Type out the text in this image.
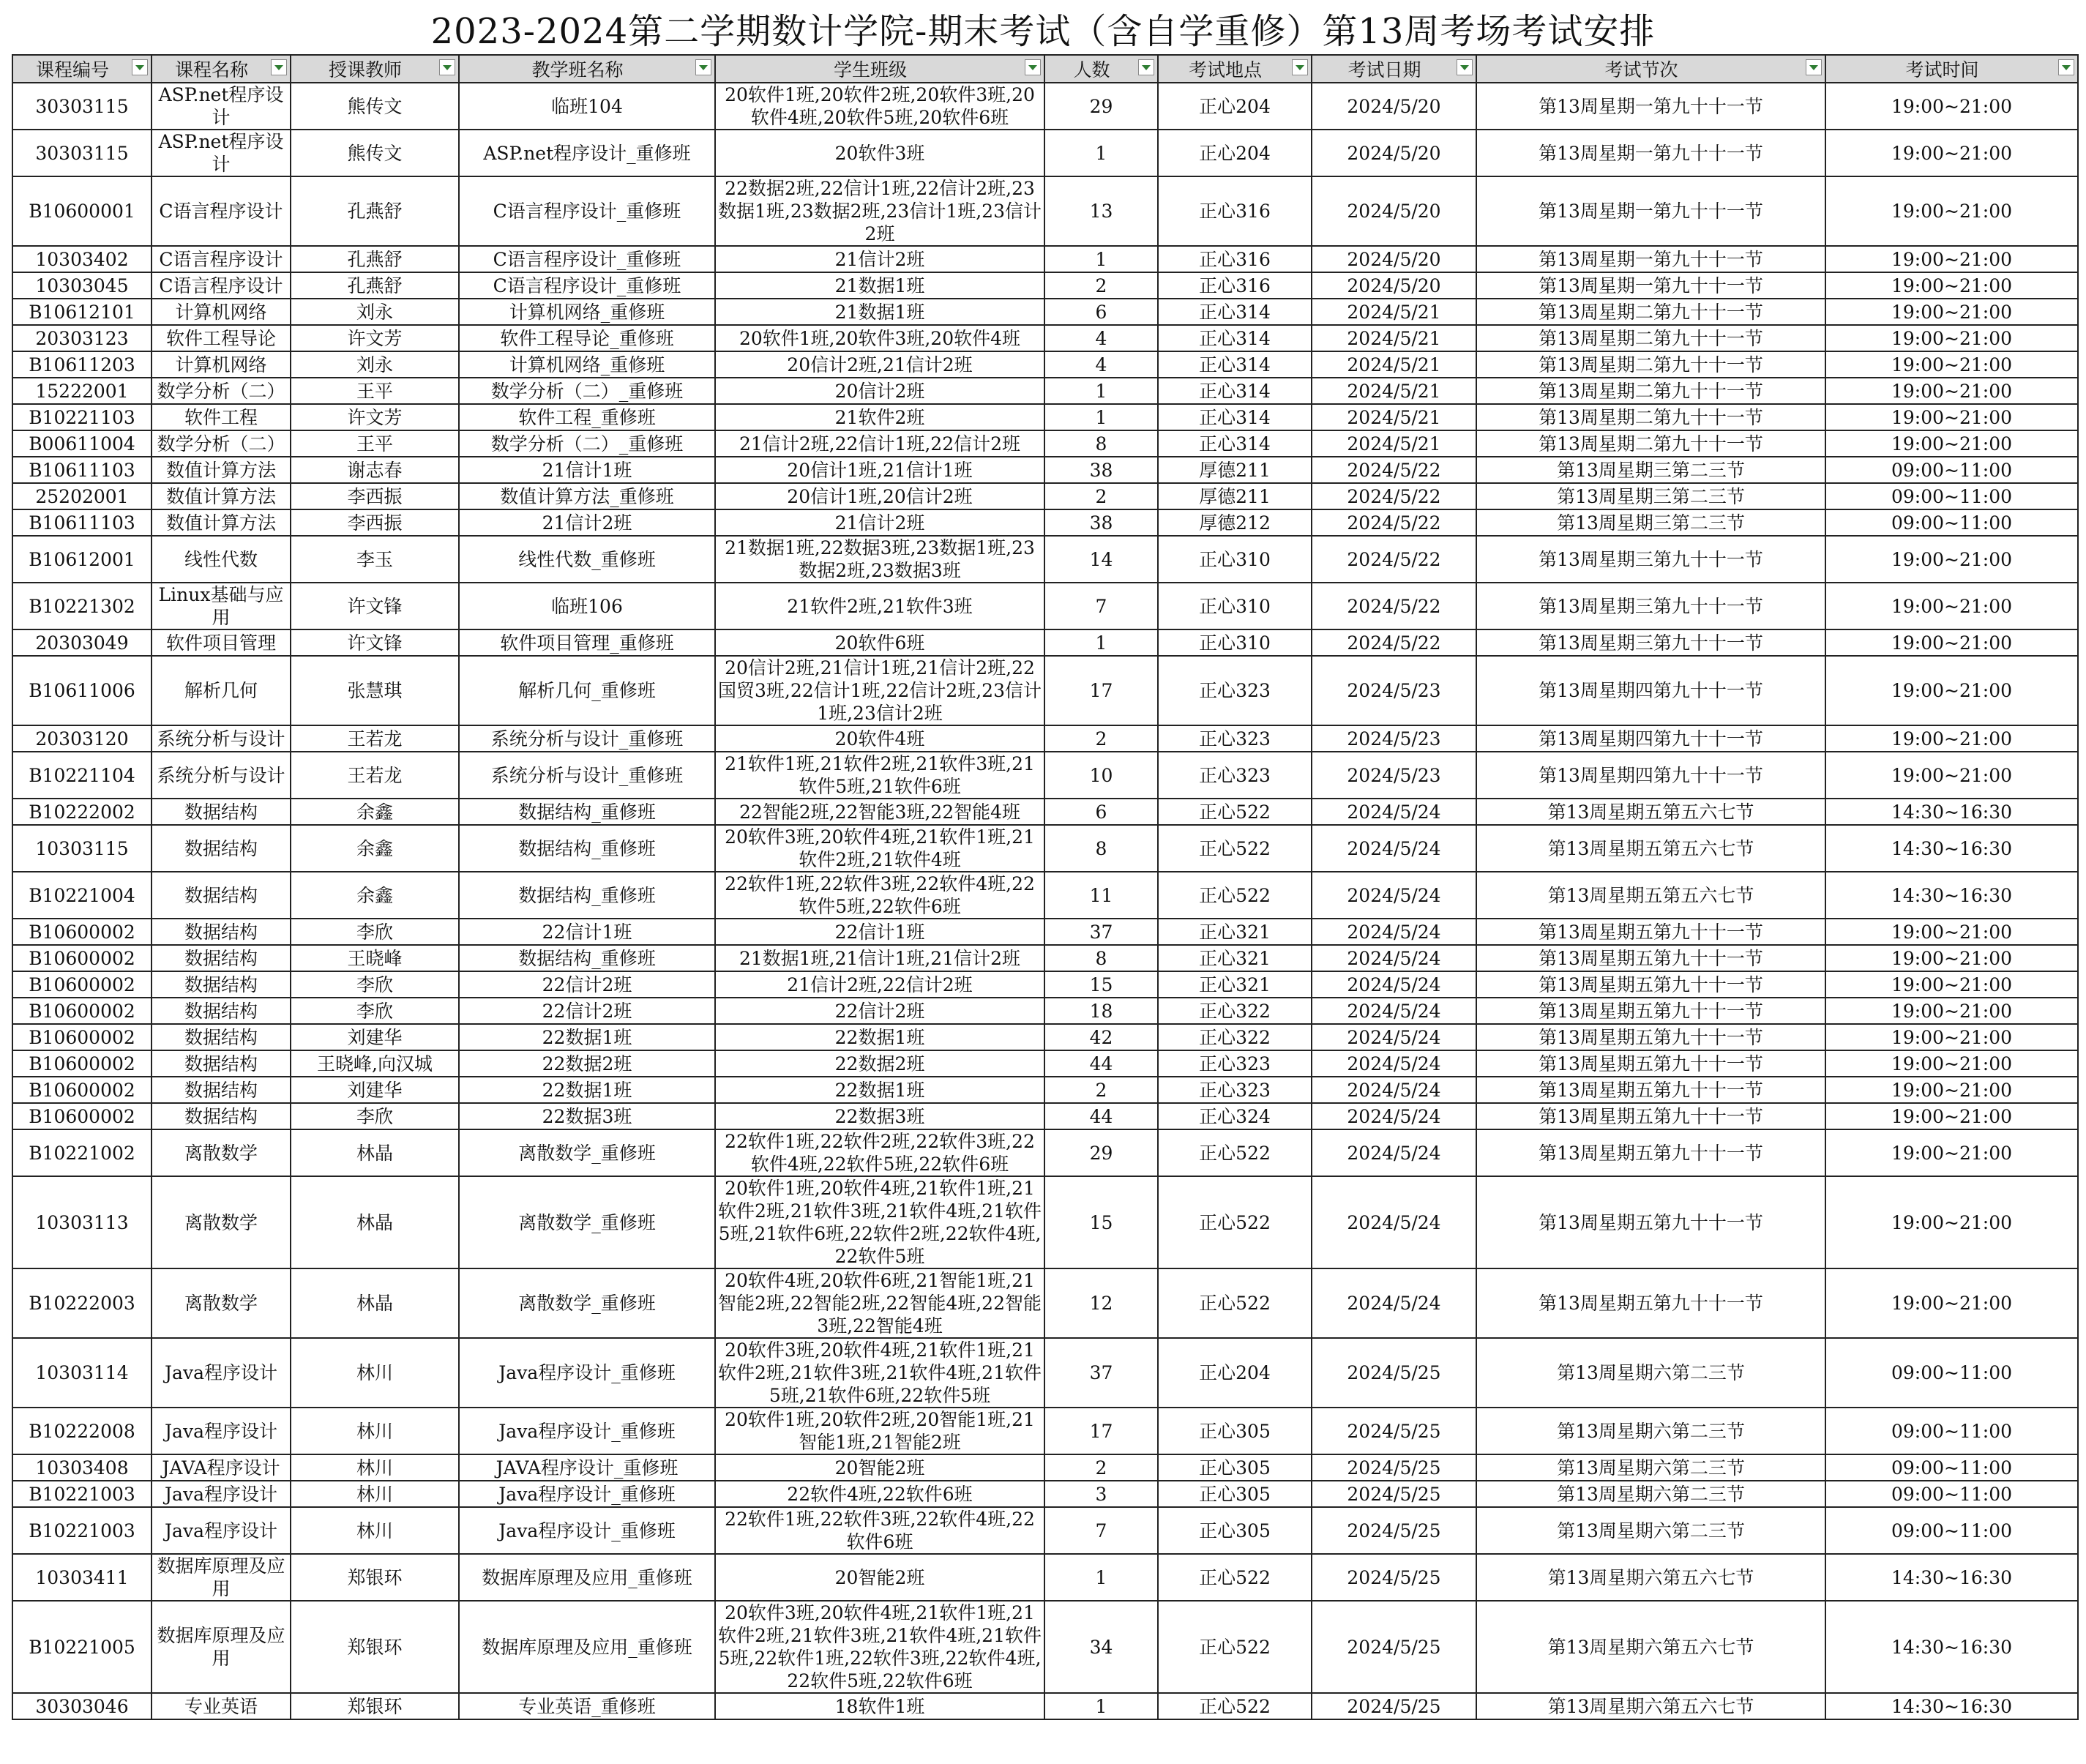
2023-2024第二学期数计学院-期末考试（含自学重修）第13周考场考试安排
课程编号	课程名称	授课教师	教学班名称	学生班级	人数	考试地点	考试日期	考试节次	考试时间

30303115	ASP.net程序设计	熊传文	临班104	20软件1班,20软件2班,20软件3班,20软件4班,20软件5班,20软件6班	29	正心204	2024/5/20	第13周星期一第九十十一节	19:00~21:00
30303115	ASP.net程序设计	熊传文	ASP.net程序设计_重修班	20软件3班	1	正心204	2024/5/20	第13周星期一第九十十一节	19:00~21:00
B10600001	C语言程序设计	孔燕舒	C语言程序设计_重修班	22数据2班,22信计1班,22信计2班,23数据1班,23数据2班,23信计1班,23信计2班	13	正心316	2024/5/20	第13周星期一第九十十一节	19:00~21:00
10303402	C语言程序设计	孔燕舒	C语言程序设计_重修班	21信计2班	1	正心316	2024/5/20	第13周星期一第九十十一节	19:00~21:00
10303045	C语言程序设计	孔燕舒	C语言程序设计_重修班	21数据1班	2	正心316	2024/5/20	第13周星期一第九十十一节	19:00~21:00
B10612101	计算机网络	刘永	计算机网络_重修班	21数据1班	6	正心314	2024/5/21	第13周星期二第九十十一节	19:00~21:00
20303123	软件工程导论	许文芳	软件工程导论_重修班	20软件1班,20软件3班,20软件4班	4	正心314	2024/5/21	第13周星期二第九十十一节	19:00~21:00
B10611203	计算机网络	刘永	计算机网络_重修班	20信计2班,21信计2班	4	正心314	2024/5/21	第13周星期二第九十十一节	19:00~21:00
15222001	数学分析（二）	王平	数学分析（二）_重修班	20信计2班	1	正心314	2024/5/21	第13周星期二第九十十一节	19:00~21:00
B10221103	软件工程	许文芳	软件工程_重修班	21软件2班	1	正心314	2024/5/21	第13周星期二第九十十一节	19:00~21:00
B00611004	数学分析（二）	王平	数学分析（二）_重修班	21信计2班,22信计1班,22信计2班	8	正心314	2024/5/21	第13周星期二第九十十一节	19:00~21:00
B10611103	数值计算方法	谢志春	21信计1班	20信计1班,21信计1班	38	厚德211	2024/5/22	第13周星期三第二三节	09:00~11:00
25202001	数值计算方法	李西振	数值计算方法_重修班	20信计1班,20信计2班	2	厚德211	2024/5/22	第13周星期三第二三节	09:00~11:00
B10611103	数值计算方法	李西振	21信计2班	21信计2班	38	厚德212	2024/5/22	第13周星期三第二三节	09:00~11:00
B10612001	线性代数	李玉	线性代数_重修班	21数据1班,22数据3班,23数据1班,23数据2班,23数据3班	14	正心310	2024/5/22	第13周星期三第九十十一节	19:00~21:00
B10221302	Linux基础与应用	许文锋	临班106	21软件2班,21软件3班	7	正心310	2024/5/22	第13周星期三第九十十一节	19:00~21:00
20303049	软件项目管理	许文锋	软件项目管理_重修班	20软件6班	1	正心310	2024/5/22	第13周星期三第九十十一节	19:00~21:00
B10611006	解析几何	张慧琪	解析几何_重修班	20信计2班,21信计1班,21信计2班,22国贸3班,22信计1班,22信计2班,23信计1班,23信计2班	17	正心323	2024/5/23	第13周星期四第九十十一节	19:00~21:00
20303120	系统分析与设计	王若龙	系统分析与设计_重修班	20软件4班	2	正心323	2024/5/23	第13周星期四第九十十一节	19:00~21:00
B10221104	系统分析与设计	王若龙	系统分析与设计_重修班	21软件1班,21软件2班,21软件3班,21软件5班,21软件6班	10	正心323	2024/5/23	第13周星期四第九十十一节	19:00~21:00
B10222002	数据结构	余鑫	数据结构_重修班	22智能2班,22智能3班,22智能4班	6	正心522	2024/5/24	第13周星期五第五六七节	14:30~16:30
10303115	数据结构	余鑫	数据结构_重修班	20软件3班,20软件4班,21软件1班,21软件2班,21软件4班	8	正心522	2024/5/24	第13周星期五第五六七节	14:30~16:30
B10221004	数据结构	余鑫	数据结构_重修班	22软件1班,22软件3班,22软件4班,22软件5班,22软件6班	11	正心522	2024/5/24	第13周星期五第五六七节	14:30~16:30
B10600002	数据结构	李欣	22信计1班	22信计1班	37	正心321	2024/5/24	第13周星期五第九十十一节	19:00~21:00
B10600002	数据结构	王晓峰	数据结构_重修班	21数据1班,21信计1班,21信计2班	8	正心321	2024/5/24	第13周星期五第九十十一节	19:00~21:00
B10600002	数据结构	李欣	22信计2班	21信计2班,22信计2班	15	正心321	2024/5/24	第13周星期五第九十十一节	19:00~21:00
B10600002	数据结构	李欣	22信计2班	22信计2班	18	正心322	2024/5/24	第13周星期五第九十十一节	19:00~21:00
B10600002	数据结构	刘建华	22数据1班	22数据1班	42	正心322	2024/5/24	第13周星期五第九十十一节	19:00~21:00
B10600002	数据结构	王晓峰,向汉城	22数据2班	22数据2班	44	正心323	2024/5/24	第13周星期五第九十十一节	19:00~21:00
B10600002	数据结构	刘建华	22数据1班	22数据1班	2	正心323	2024/5/24	第13周星期五第九十十一节	19:00~21:00
B10600002	数据结构	李欣	22数据3班	22数据3班	44	正心324	2024/5/24	第13周星期五第九十十一节	19:00~21:00
B10221002	离散数学	林晶	离散数学_重修班	22软件1班,22软件2班,22软件3班,22软件4班,22软件5班,22软件6班	29	正心522	2024/5/24	第13周星期五第九十十一节	19:00~21:00
10303113	离散数学	林晶	离散数学_重修班	20软件1班,20软件4班,21软件1班,21软件2班,21软件3班,21软件4班,21软件5班,21软件6班,22软件2班,22软件4班,22软件5班	15	正心522	2024/5/24	第13周星期五第九十十一节	19:00~21:00
B10222003	离散数学	林晶	离散数学_重修班	20软件4班,20软件6班,21智能1班,21智能2班,22智能2班,22智能4班,22智能3班,22智能4班	12	正心522	2024/5/24	第13周星期五第九十十一节	19:00~21:00
10303114	Java程序设计	林川	Java程序设计_重修班	20软件3班,20软件4班,21软件1班,21软件2班,21软件3班,21软件4班,21软件5班,21软件6班,22软件5班	37	正心204	2024/5/25	第13周星期六第二三节	09:00~11:00
B10222008	Java程序设计	林川	Java程序设计_重修班	20软件1班,20软件2班,20智能1班,21智能1班,21智能2班	17	正心305	2024/5/25	第13周星期六第二三节	09:00~11:00
10303408	JAVA程序设计	林川	JAVA程序设计_重修班	20智能2班	2	正心305	2024/5/25	第13周星期六第二三节	09:00~11:00
B10221003	Java程序设计	林川	Java程序设计_重修班	22软件4班,22软件6班	3	正心305	2024/5/25	第13周星期六第二三节	09:00~11:00
B10221003	Java程序设计	林川	Java程序设计_重修班	22软件1班,22软件3班,22软件4班,22软件6班	7	正心305	2024/5/25	第13周星期六第二三节	09:00~11:00
10303411	数据库原理及应用	郑银环	数据库原理及应用_重修班	20智能2班	1	正心522	2024/5/25	第13周星期六第五六七节	14:30~16:30
B10221005	数据库原理及应用	郑银环	数据库原理及应用_重修班	20软件3班,20软件4班,21软件1班,21软件2班,21软件3班,21软件4班,21软件5班,22软件1班,22软件3班,22软件4班,22软件5班,22软件6班	34	正心522	2024/5/25	第13周星期六第五六七节	14:30~16:30
30303046	专业英语	郑银环	专业英语_重修班	18软件1班	1	正心522	2024/5/25	第13周星期六第五六七节	14:30~16:30
